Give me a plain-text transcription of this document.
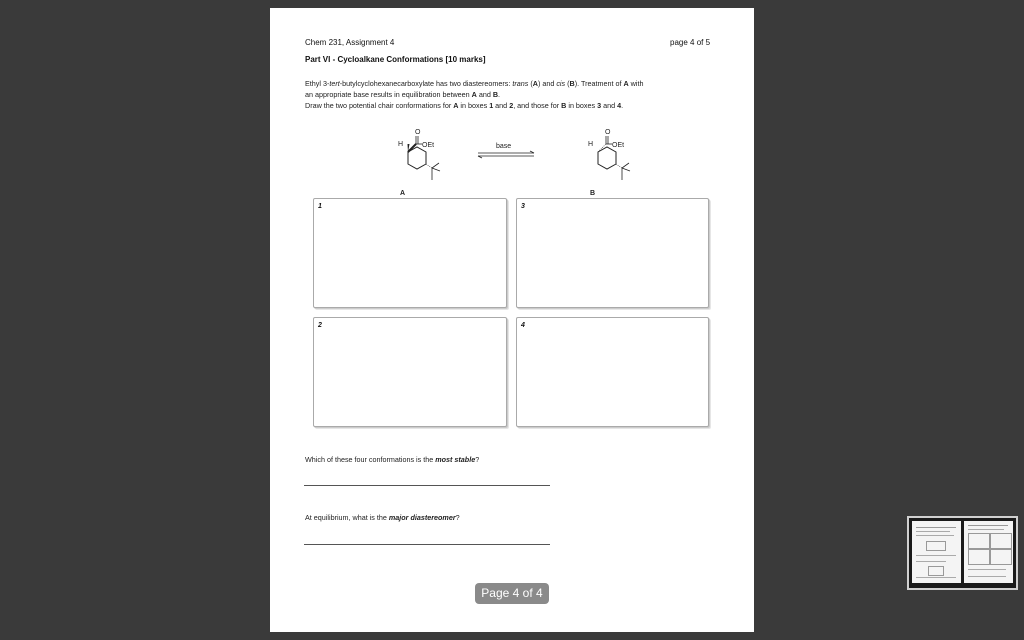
Chem 231, Assignment 4	page 4 of 5
Part VI - Cycloalkane Conformations [10 marks]
Ethyl 3-tert-butylcyclohexanecarboxylate has two diastereomers: trans (A) and cis (B). Treatment of A with
an appropriate base results in equilibration between A and B.
Draw the two potential chair conformations for A in boxes 1 and 2, and those for B in boxes 3 and 4.
O
H	OEt
A
base
O
H	OEt
B
1	3
2	4
Which of these four conformations is the most stable?
At equilibrium, what is the major diastereomer?
Page 4 of 4
